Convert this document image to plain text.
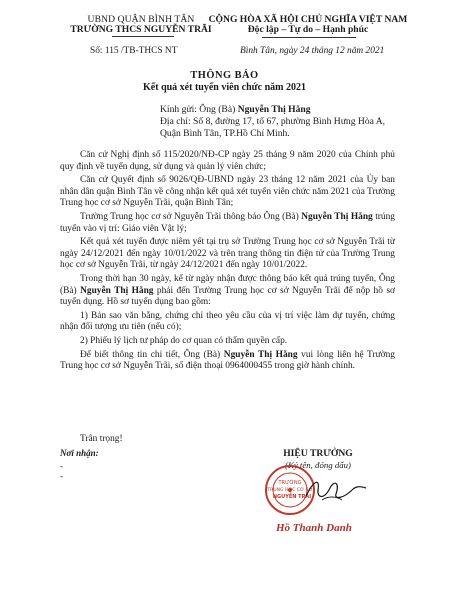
UBND QUẬN BÌNH TÂN
TRƯỜNG THCS NGUYỄN TRÃI
CỘNG HÒA XÃ HỘI CHỦ NGHĨA VIỆT NAM
Độc lập – Tự do – Hạnh phúc
Số: 115 /TB-THCS NT	Bình Tân, ngày 24 tháng 12 năm 2021
THÔNG BÁO
Kết quả xét tuyển viên chức năm 2021
Kính gửi: Ông (Bà) Nguyễn Thị Hằng
Địa chỉ: Số 8, đường 17, tổ 67, phường Bình Hưng Hòa A,
Quận Bình Tân, TP.Hồ Chí Minh.

Căn cứ Nghị định số 115/2020/NĐ-CP ngày 25 tháng 9 năm 2020 của Chính phủ quy định về tuyển dụng, sử dụng và quản lý viên chức;

Căn cứ Quyết định số 9026/QĐ-UBND ngày 23 tháng 12 năm 2021 của Ủy ban nhân dân quận Bình Tân về công nhận kết quả xét tuyển viên chức năm 2021 của Trường Trung học cơ sở Nguyễn Trãi, quận Bình Tân;

Trường Trung học cơ sở Nguyễn Trãi thông báo Ông (Bà) Nguyễn Thị Hằng trúng tuyển vào vị trí: Giáo viên Vật lý;

Kết quả xét tuyển được niêm yết tại trụ sở Trường Trung học cơ sở Nguyễn Trãi từ ngày 24/12/2021 đến ngày 10/01/2022 và trên trang thông tin điện tử của Trường Trung học cơ sở Nguyễn Trãi, từ ngày 24/12/2021 đến ngày 10/01/2022.

Trong thời hạn 30 ngày, kể từ ngày nhận được thông báo kết quả trúng tuyển, Ông (Bà) Nguyễn Thị Hằng phải đến Trường Trung học cơ sở Nguyễn Trãi để nộp hồ sơ tuyển dụng. Hồ sơ tuyển dụng bao gồm:

1) Bản sao văn bằng, chứng chỉ theo yêu cầu của vị trí việc làm dự tuyển, chứng nhận đối tượng ưu tiên (nếu có);

2) Phiếu lý lịch tư pháp do cơ quan có thẩm quyền cấp.

Để biết thông tin chi tiết, Ông (Bà) Nguyễn Thị Hằng vui lòng liên hệ Trường Trung học cơ sở Nguyễn Trãi, số điện thoại 0964000455 trong giờ hành chính.

Trân trọng!
Nơi nhận:
-
-
HIỆU TRƯỞNG
(Ký tên, đóng dấu)
TRƯỜNG
TRUNG HỌC CƠ SỞ
NGUYỄN TRÃI
Hồ Thanh Danh
